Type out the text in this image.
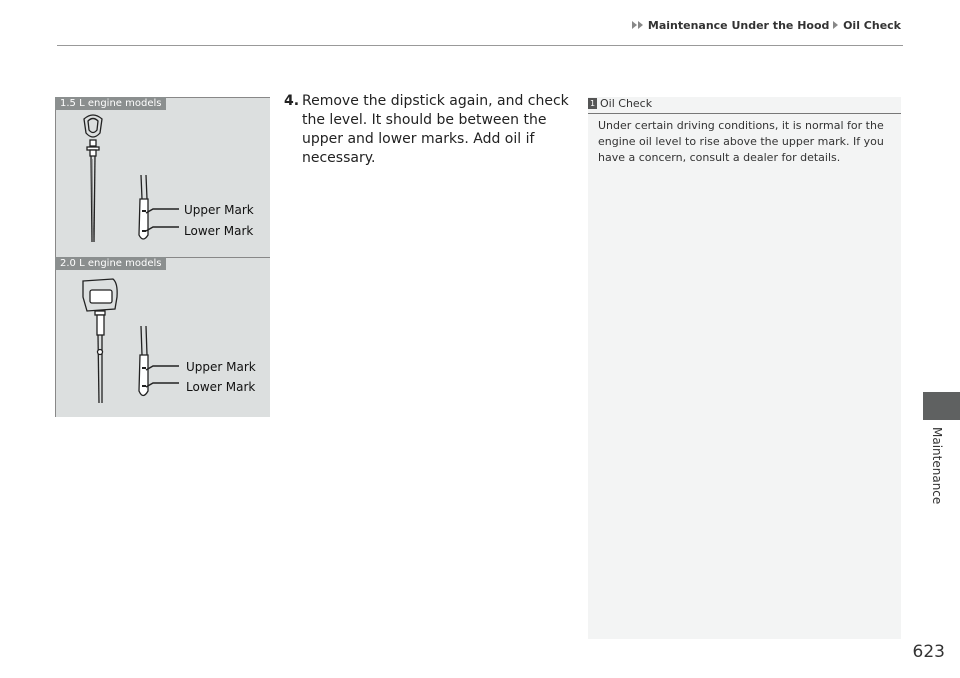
Maintenance Under the Hood Oil Check
1.5 L engine models
Upper Mark
Lower Mark
2.0 L engine models
Upper Mark
Lower Mark
4. Remove the dipstick again, and check the level. It should be between the upper and lower marks. Add oil if necessary.
1 Oil Check
Under certain driving conditions, it is normal for the engine oil level to rise above the upper mark. If you have a concern, consult a dealer for details.
Maintenance
623
